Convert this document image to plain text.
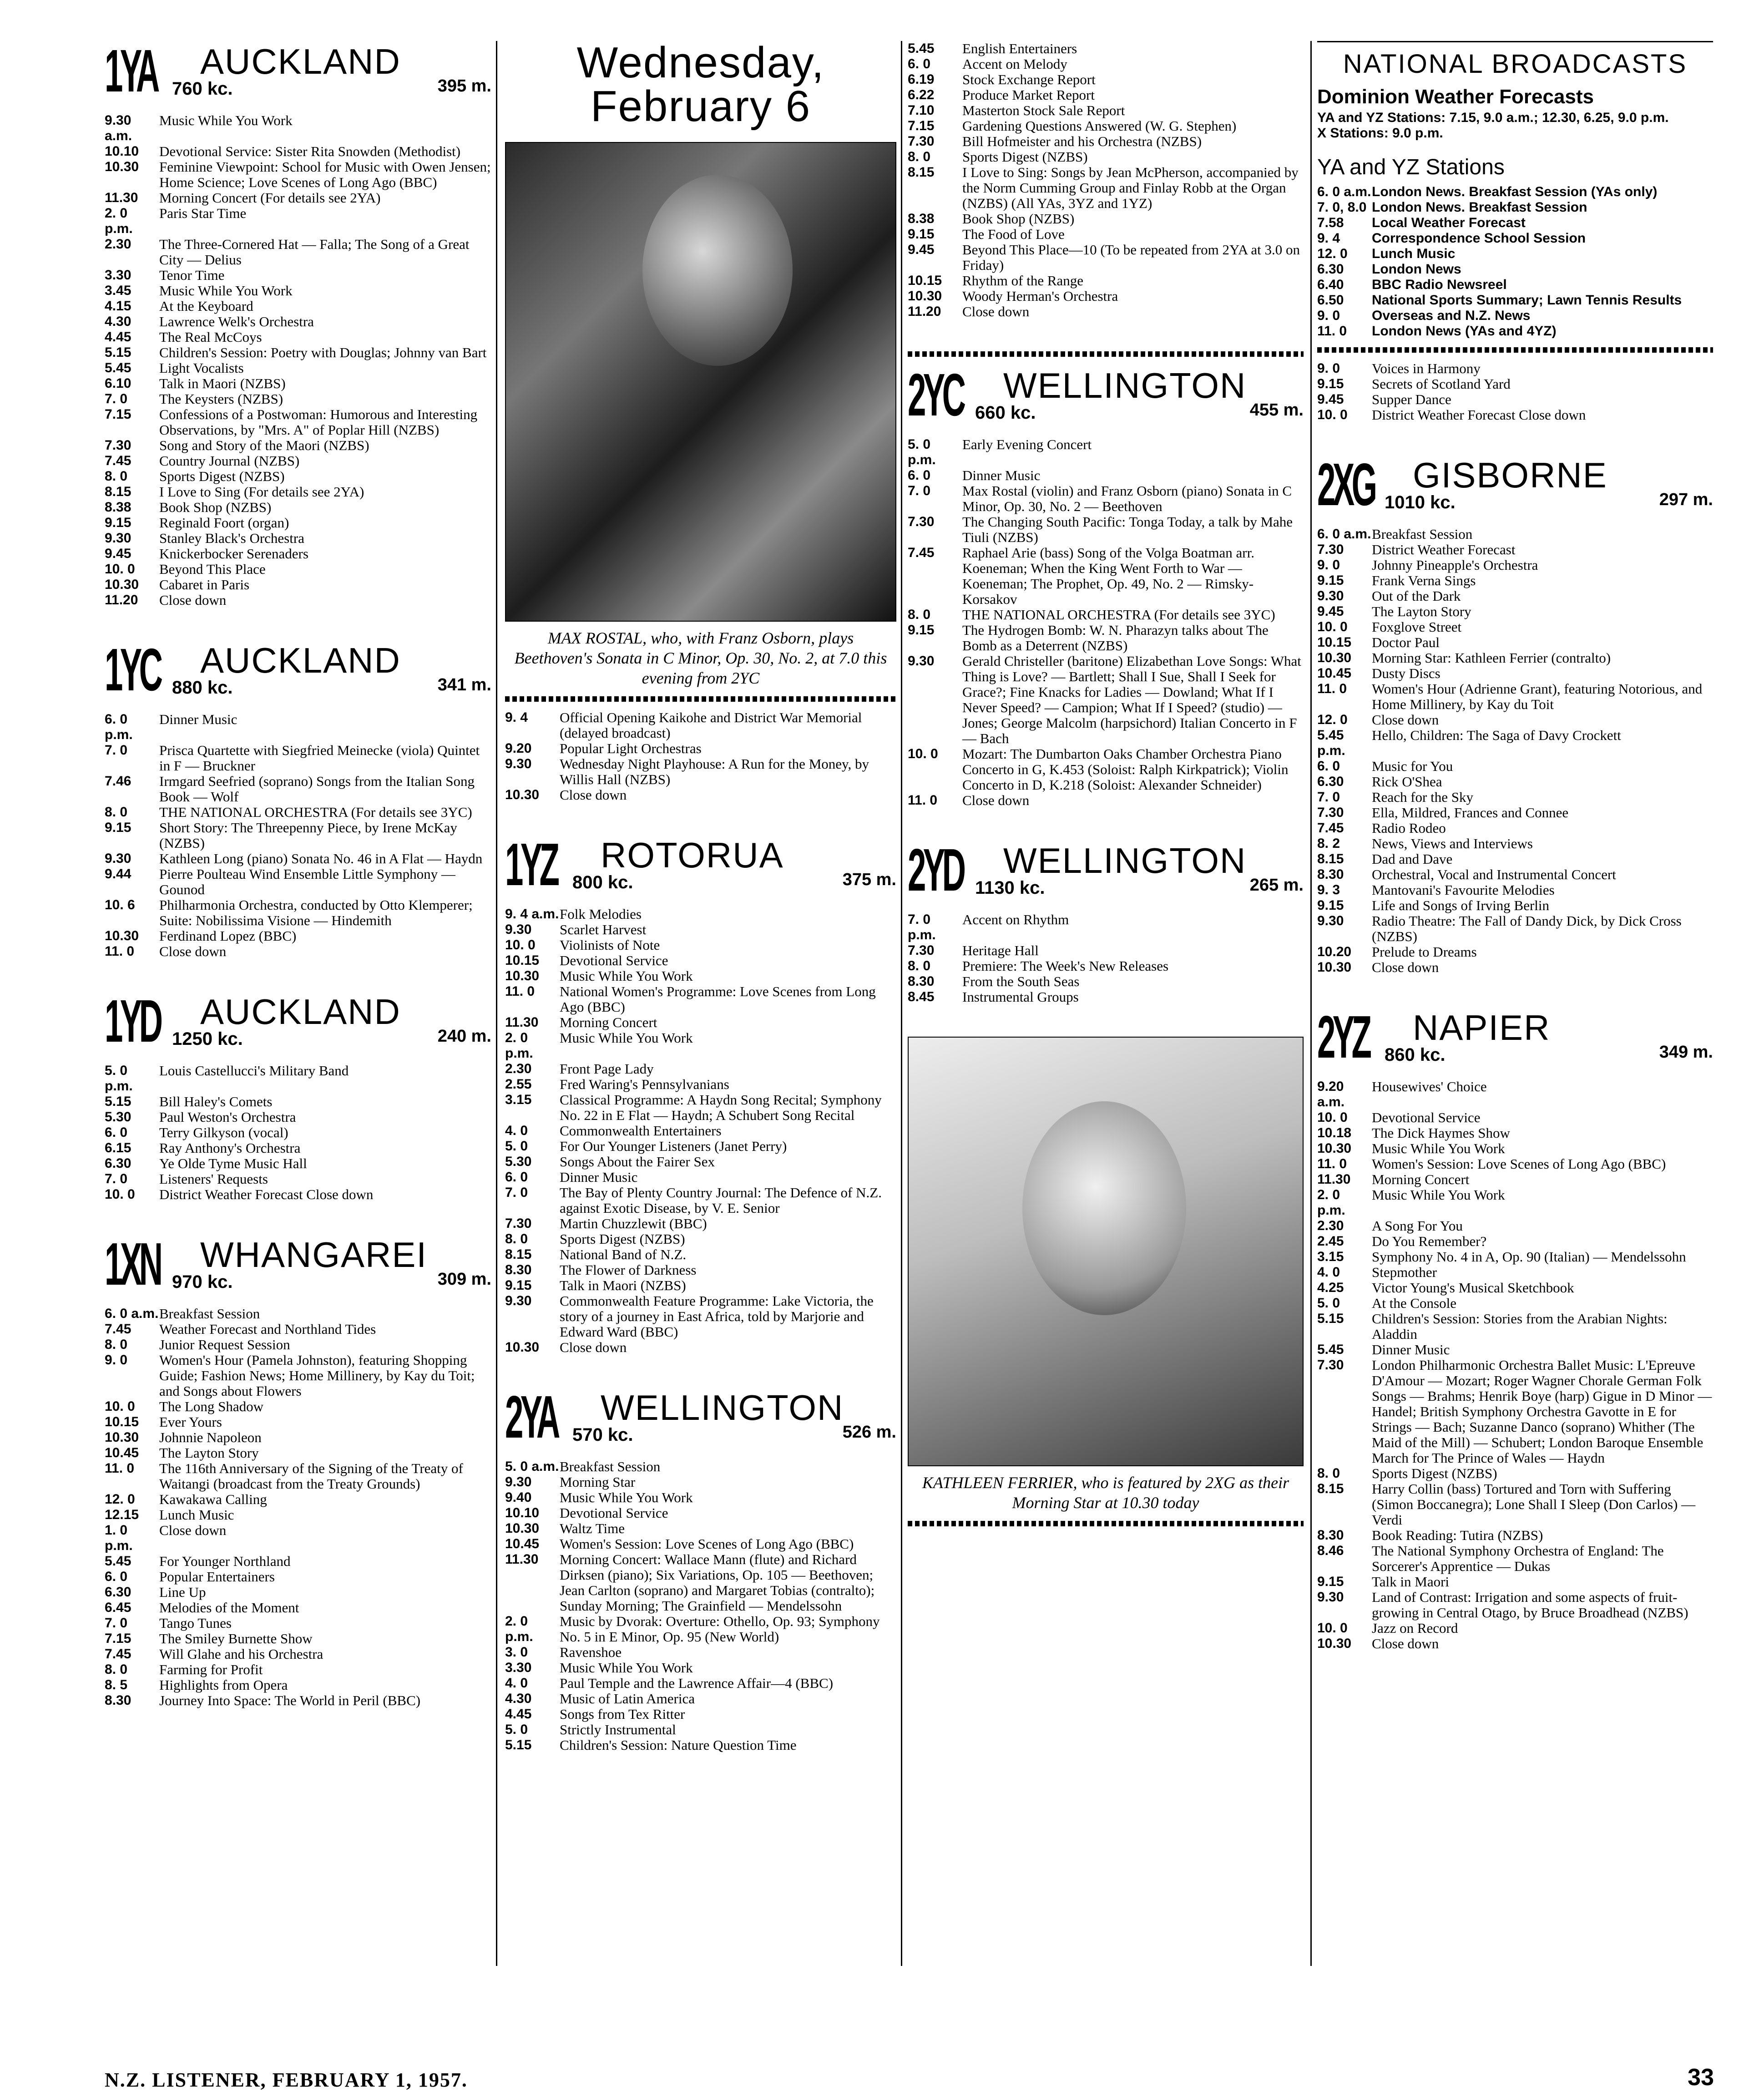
1YA 760 kc.
AUCKLAND
395 m.
9.30 a.m.
Music While You Work
10.10	Devotional Service: Sister Rita Snowden (Methodist)
10.30	Feminine Viewpoint: School for Music with Owen Jensen; Home Science; Love Scenes of Long Ago (BBC)
11.30	Morning Concert (For details see 2YA)
2. 0 p.m.
Paris Star Time
2.30	The Three-Cornered Hat — Falla; The Song of a Great City — Delius
3.30	Tenor Time
3.45	Music While You Work
4.15	At the Keyboard
4.30	Lawrence Welk's Orchestra
4.45	The Real McCoys
5.15	Children's Session: Poetry with Douglas; Johnny van Bart
5.45	Light Vocalists
6.10	Talk in Maori (NZBS)
7. 0	The Keysters (NZBS)
7.15	Confessions of a Postwoman: Humorous and Interesting Observations, by "Mrs. A" of Poplar Hill (NZBS)
7.30	Song and Story of the Maori (NZBS)
7.45	Country Journal (NZBS)
8. 0	Sports Digest (NZBS)
8.15	I Love to Sing (For details see 2YA)
8.38	Book Shop (NZBS)
9.15	Reginald Foort (organ)
9.30	Stanley Black's Orchestra
9.45	Knickerbocker Serenaders
10. 0	Beyond This Place
10.30	Cabaret in Paris
11.20	Close down
1YC 880 kc.
AUCKLAND
341 m.
6. 0 p.m.
Dinner Music
7. 0	Prisca Quartette with Siegfried Meinecke (viola) Quintet in F — Bruckner
7.46	Irmgard Seefried (soprano) Songs from the Italian Song Book — Wolf
8. 0	THE NATIONAL ORCHESTRA (For details see 3YC)
9.15	Short Story: The Threepenny Piece, by Irene McKay (NZBS)
9.30	Kathleen Long (piano) Sonata No. 46 in A Flat — Haydn
9.44	Pierre Poulteau Wind Ensemble Little Symphony — Gounod
10. 6	Philharmonia Orchestra, conducted by Otto Klemperer; Suite: Nobilissima Visione — Hindemith
10.30	Ferdinand Lopez (BBC)
11. 0	Close down
1YD 1250 kc.
AUCKLAND
240 m.
5. 0 p.m.
Louis Castellucci's Military Band
5.15	Bill Haley's Comets
5.30	Paul Weston's Orchestra
6. 0	Terry Gilkyson (vocal)
6.15	Ray Anthony's Orchestra
6.30	Ye Olde Tyme Music Hall
7. 0	Listeners' Requests
10. 0	District Weather Forecast Close down
1XN 970 kc.
WHANGAREI
309 m.
6. 0 a.m. Breakfast Session
7.45	Weather Forecast and Northland Tides
8. 0	Junior Request Session
9. 0	Women's Hour (Pamela Johnston), featuring Shopping Guide; Fashion News; Home Millinery, by Kay du Toit; and Songs about Flowers
10. 0	The Long Shadow
10.15	Ever Yours
10.30	Johnnie Napoleon
10.45	The Layton Story
11. 0	The 116th Anniversary of the Signing of the Treaty of Waitangi (broadcast from the Treaty Grounds)
12. 0	Kawakawa Calling
12.15	Lunch Music
1. 0 p.m.
Close down
5.45	For Younger Northland
6. 0	Popular Entertainers
6.30	Line Up
6.45	Melodies of the Moment
7. 0	Tango Tunes
7.15	The Smiley Burnette Show
7.45	Will Glahe and his Orchestra
8. 0	Farming for Profit
8. 5	Highlights from Opera
8.30	Journey Into Space: The World in Peril (BBC)
Wednesday, February 6
MAX ROSTAL, who, with Franz Osborn, plays Beethoven's Sonata in C Minor, Op. 30, No. 2, at 7.0 this evening from 2YC
9. 4	Official Opening Kaikohe and District War Memorial (delayed broadcast)
9.20	Popular Light Orchestras
9.30	Wednesday Night Playhouse: A Run for the Money, by Willis Hall (NZBS)
10.30	Close down
1YZ 800 kc.
ROTORUA
375 m.
9. 4 a.m. Folk Melodies
9.30	Scarlet Harvest
10. 0	Violinists of Note
10.15	Devotional Service
10.30	Music While You Work
11. 0	National Women's Programme: Love Scenes from Long Ago (BBC)
11.30	Morning Concert
2. 0 p.m.
Music While You Work
2.30	Front Page Lady
2.55	Fred Waring's Pennsylvanians
3.15	Classical Programme: A Haydn Song Recital; Symphony No. 22 in E Flat — Haydn; A Schubert Song Recital
4. 0	Commonwealth Entertainers
5. 0	For Our Younger Listeners (Janet Perry)
5.30	Songs About the Fairer Sex
6. 0	Dinner Music
7. 0	The Bay of Plenty Country Journal: The Defence of N.Z. against Exotic Disease, by V. E. Senior
7.30	Martin Chuzzlewit (BBC)
8. 0	Sports Digest (NZBS)
8.15	National Band of N.Z.
8.30	The Flower of Darkness
9.15	Talk in Maori (NZBS)
9.30	Commonwealth Feature Programme: Lake Victoria, the story of a journey in East Africa, told by Marjorie and Edward Ward (BBC)
10.30	Close down
2YA 570 kc.
WELLINGTON
526 m.
5. 0 a.m. Breakfast Session
9.30	Morning Star
9.40	Music While You Work
10.10	Devotional Service
10.30	Waltz Time
10.45	Women's Session: Love Scenes of Long Ago (BBC)
11.30	Morning Concert: Wallace Mann (flute) and Richard Dirksen (piano); Six Variations, Op. 105 — Beethoven; Jean Carlton (soprano) and Margaret Tobias (contralto); Sunday Morning; The Grainfield — Mendelssohn
2. 0 p.m.
Music by Dvorak: Overture: Othello, Op. 93; Symphony No. 5 in E Minor, Op. 95 (New World)
3. 0	Ravenshoe
3.30	Music While You Work
4. 0	Paul Temple and the Lawrence Affair—4 (BBC)
4.30	Music of Latin America
4.45	Songs from Tex Ritter
5. 0	Strictly Instrumental
5.15	Children's Session: Nature Question Time
5.45	English Entertainers
6. 0	Accent on Melody
6.19	Stock Exchange Report
6.22	Produce Market Report
7.10	Masterton Stock Sale Report
7.15	Gardening Questions Answered (W. G. Stephen)
7.30	Bill Hofmeister and his Orchestra (NZBS)
8. 0	Sports Digest (NZBS)
8.15	I Love to Sing: Songs by Jean McPherson, accompanied by the Norm Cumming Group and Finlay Robb at the Organ (NZBS) (All YAs, 3YZ and 1YZ)
8.38	Book Shop (NZBS)
9.15	The Food of Love
9.45	Beyond This Place—10 (To be repeated from 2YA at 3.0 on Friday)
10.15	Rhythm of the Range
10.30	Woody Herman's Orchestra
11.20	Close down
2YC 660 kc.
WELLINGTON
455 m.
5. 0 p.m.
Early Evening Concert
6. 0	Dinner Music
7. 0	Max Rostal (violin) and Franz Osborn (piano) Sonata in C Minor, Op. 30, No. 2 — Beethoven
7.30	The Changing South Pacific: Tonga Today, a talk by Mahe Tiuli (NZBS)
7.45	Raphael Arie (bass) Song of the Volga Boatman arr. Koeneman; When the King Went Forth to War — Koeneman; The Prophet, Op. 49, No. 2 — Rimsky-Korsakov
8. 0	THE NATIONAL ORCHESTRA (For details see 3YC)
9.15	The Hydrogen Bomb: W. N. Pharazyn talks about The Bomb as a Deterrent (NZBS)
9.30	Gerald Christeller (baritone) Elizabethan Love Songs: What Thing is Love? — Bartlett; Shall I Sue, Shall I Seek for Grace?; Fine Knacks for Ladies — Dowland; What If I Never Speed? — Campion; What If I Speed? (studio) — Jones; George Malcolm (harpsichord) Italian Concerto in F — Bach
10. 0	Mozart: The Dumbarton Oaks Chamber Orchestra Piano Concerto in G, K.453 (Soloist: Ralph Kirkpatrick); Violin Concerto in D, K.218 (Soloist: Alexander Schneider)
11. 0	Close down
2YD 1130 kc.
WELLINGTON
265 m.
7. 0 p.m.
Accent on Rhythm
7.30	Heritage Hall
8. 0	Premiere: The Week's New Releases
8.30	From the South Seas
8.45	Instrumental Groups
KATHLEEN FERRIER, who is featured by 2XG as their Morning Star at 10.30 today
NATIONAL BROADCASTS
Dominion Weather Forecasts
YA and YZ Stations: 7.15, 9.0 a.m.; 12.30, 6.25, 9.0 p.m.
X Stations: 9.0 p.m.
YA and YZ Stations
6. 0 a.m. London News. Breakfast Session (YAs only)
7. 0, 8.0 London News. Breakfast Session
7.58	Local Weather Forecast
9. 4	Correspondence School Session
12. 0	Lunch Music
6.30	London News
6.40	BBC Radio Newsreel
6.50	National Sports Summary; Lawn Tennis Results
9. 0	Overseas and N.Z. News
11. 0	London News (YAs and 4YZ)
9. 0	Voices in Harmony
9.15	Secrets of Scotland Yard
9.45	Supper Dance
10. 0	District Weather Forecast Close down
2XG 1010 kc.
GISBORNE
297 m.
6. 0 a.m. Breakfast Session
7.30	District Weather Forecast
9. 0	Johnny Pineapple's Orchestra
9.15	Frank Verna Sings
9.30	Out of the Dark
9.45	The Layton Story
10. 0	Foxglove Street
10.15	Doctor Paul
10.30	Morning Star: Kathleen Ferrier (contralto)
10.45	Dusty Discs
11. 0	Women's Hour (Adrienne Grant), featuring Notorious, and Home Millinery, by Kay du Toit
12. 0	Close down
5.45 p.m.
Hello, Children: The Saga of Davy Crockett
6. 0	Music for You
6.30	Rick O'Shea
7. 0	Reach for the Sky
7.30	Ella, Mildred, Frances and Connee
7.45	Radio Rodeo
8. 2	News, Views and Interviews
8.15	Dad and Dave
8.30	Orchestral, Vocal and Instrumental Concert
9. 3	Mantovani's Favourite Melodies
9.15	Life and Songs of Irving Berlin
9.30	Radio Theatre: The Fall of Dandy Dick, by Dick Cross (NZBS)
10.20	Prelude to Dreams
10.30	Close down
2YZ 860 kc.
NAPIER
349 m.
9.20 a.m.
Housewives' Choice
10. 0	Devotional Service
10.18	The Dick Haymes Show
10.30	Music While You Work
11. 0	Women's Session: Love Scenes of Long Ago (BBC)
11.30	Morning Concert
2. 0 p.m.
Music While You Work
2.30	A Song For You
2.45	Do You Remember?
3.15	Symphony No. 4 in A, Op. 90 (Italian) — Mendelssohn
4. 0	Stepmother
4.25	Victor Young's Musical Sketchbook
5. 0	At the Console
5.15	Children's Session: Stories from the Arabian Nights: Aladdin
5.45	Dinner Music
7.30	London Philharmonic Orchestra Ballet Music: L'Epreuve D'Amour — Mozart; Roger Wagner Chorale German Folk Songs — Brahms; Henrik Boye (harp) Gigue in D Minor — Handel; British Symphony Orchestra Gavotte in E for Strings — Bach; Suzanne Danco (soprano) Whither (The Maid of the Mill) — Schubert; London Baroque Ensemble March for The Prince of Wales — Haydn
8. 0	Sports Digest (NZBS)
8.15	Harry Collin (bass) Tortured and Torn with Suffering (Simon Boccanegra); Lone Shall I Sleep (Don Carlos) — Verdi
8.30	Book Reading: Tutira (NZBS)
8.46	The National Symphony Orchestra of England: The Sorcerer's Apprentice — Dukas
9.15	Talk in Maori
9.30	Land of Contrast: Irrigation and some aspects of fruit-growing in Central Otago, by Bruce Broadhead (NZBS)
10. 0	Jazz on Record
10.30	Close down
N.Z. LISTENER, FEBRUARY 1, 1957.	33
